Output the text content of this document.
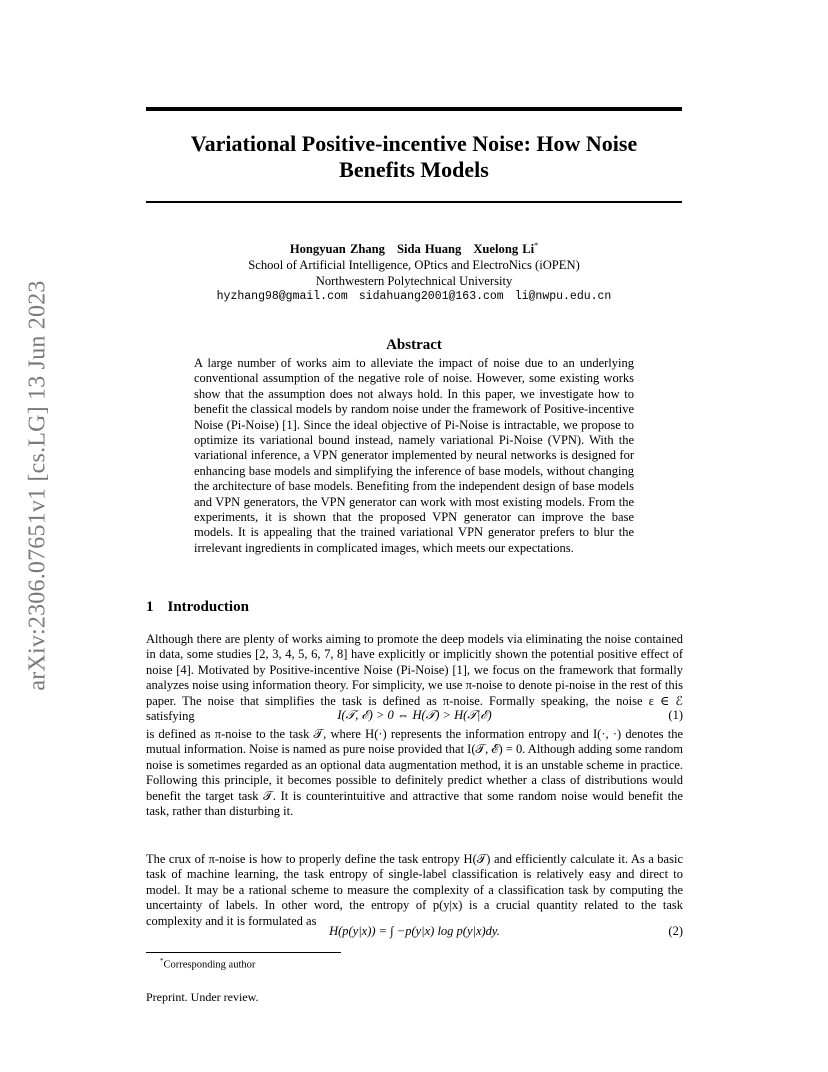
arXiv:2306.07651v1 [cs.LG] 13 Jun 2023
Variational Positive-incentive Noise: How Noise
Benefits Models
Hongyuan Zhang Sida Huang Xuelong Li*
School of Artificial Intelligence, OPtics and ElectroNics (iOPEN)
Northwestern Polytechnical University
hyzhang98@gmail.com sidahuang2001@163.com li@nwpu.edu.cn
Abstract
A large number of works aim to alleviate the impact of noise due to an underlying conventional assumption of the negative role of noise. However, some existing works show that the assumption does not always hold. In this paper, we investigate how to benefit the classical models by random noise under the framework of Positive-incentive Noise (Pi-Noise) [1]. Since the ideal objective of Pi-Noise is intractable, we propose to optimize its variational bound instead, namely variational Pi-Noise (VPN). With the variational inference, a VPN generator implemented by neural networks is designed for enhancing base models and simplifying the inference of base models, without changing the architecture of base models. Benefiting from the independent design of base models and VPN generators, the VPN generator can work with most existing models. From the experiments, it is shown that the proposed VPN generator can improve the base models. It is appealing that the trained variational VPN generator prefers to blur the irrelevant ingredients in complicated images, which meets our expectations.
1 Introduction
Although there are plenty of works aiming to promote the deep models via eliminating the noise contained in data, some studies [2, 3, 4, 5, 6, 7, 8] have explicitly or implicitly shown the potential positive effect of noise [4]. Motivated by Positive-incentive Noise (Pi-Noise) [1], we focus on the framework that formally analyzes noise using information theory. For simplicity, we use π-noise to denote pi-noise in the rest of this paper. The noise that simplifies the task is defined as π-noise. Formally speaking, the noise ε ∈ ℰ satisfying	I(𝒯, ℰ) > 0 ⇔ H(𝒯) > H(𝒯|ℰ)	(1)
is defined as π-noise to the task 𝒯, where H(·) represents the information entropy and I(·, ·) denotes the mutual information. Noise is named as pure noise provided that I(𝒯, ℰ) = 0. Although adding some random noise is sometimes regarded as an optional data augmentation method, it is an unstable scheme in practice. Following this principle, it becomes possible to definitely predict whether a class of distributions would benefit the target task 𝒯. It is counterintuitive and attractive that some random noise would benefit the task, rather than disturbing it.
The crux of π-noise is how to properly define the task entropy H(𝒯) and efficiently calculate it. As a basic task of machine learning, the task entropy of single-label classification is relatively easy and direct to model. It may be a rational scheme to measure the complexity of a classification task by computing the uncertainty of labels. In other word, the entropy of p(y|x) is a crucial quantity related to the task complexity and it is formulated as
H(p(y|x)) = ∫ −p(y|x) log p(y|x)dy.	(2)
*Corresponding author
Preprint. Under review.
